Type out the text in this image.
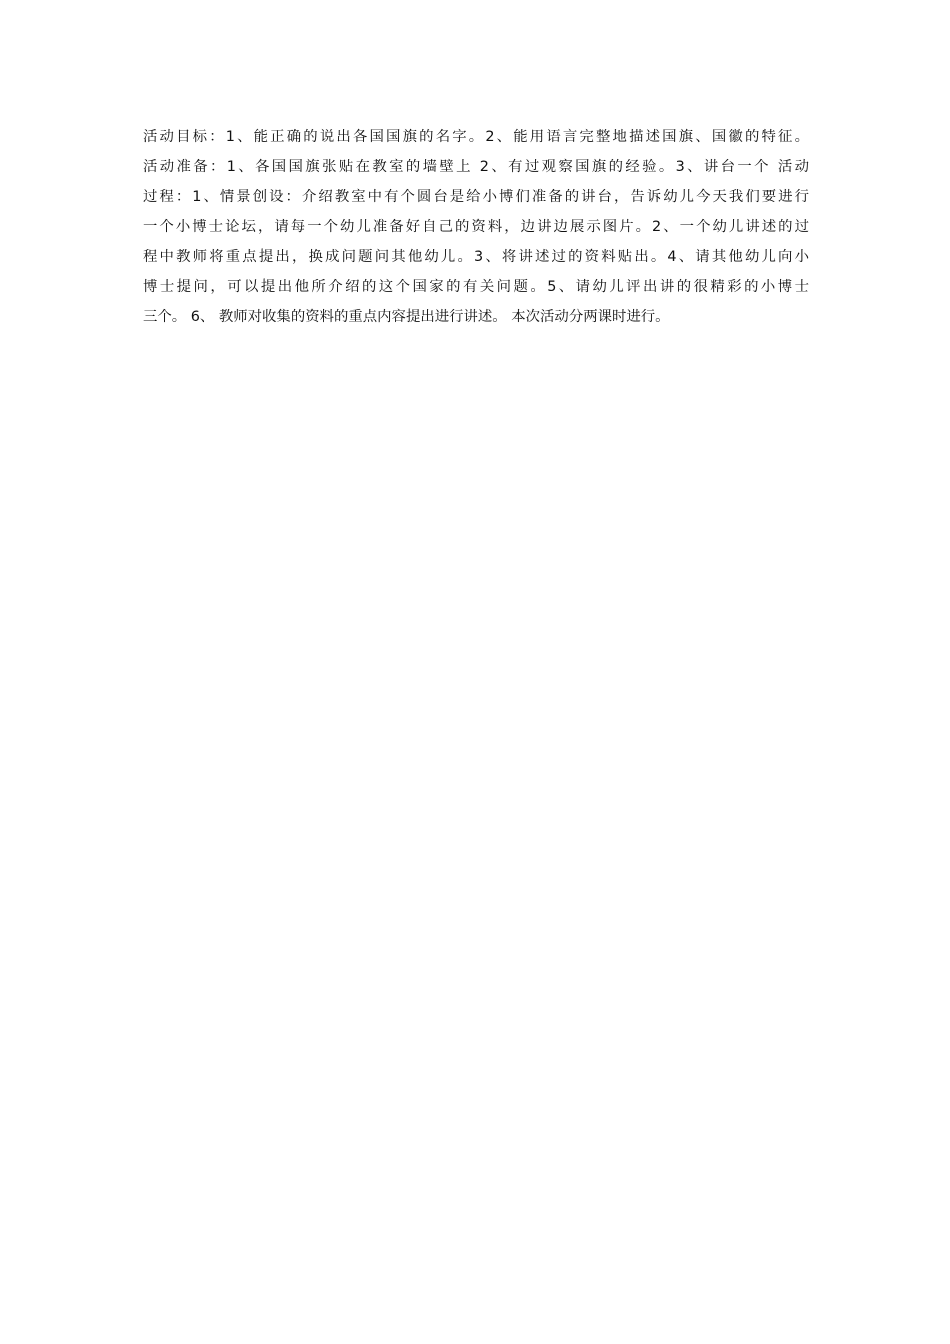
活动目标：1、能正确的说出各国国旗的名字。2、能用语言完整地描述国旗、国徽的特征。
活动准备：1、各国国旗张贴在教室的墙壁上 2、有过观察国旗的经验。3、讲台一个 活动
过程：1、情景创设：介绍教室中有个圆台是给小博们准备的讲台，告诉幼儿今天我们要进行
一个小博士论坛，请每一个幼儿准备好自己的资料，边讲边展示图片。2、一个幼儿讲述的过
程中教师将重点提出，换成问题问其他幼儿。3、将讲述过的资料贴出。4、请其他幼儿向小
博士提问，可以提出他所介绍的这个国家的有关问题。5、请幼儿评出讲的很精彩的小博士
三个。 6、 教师对收集的资料的重点内容提出进行讲述。 本次活动分两课时进行。
